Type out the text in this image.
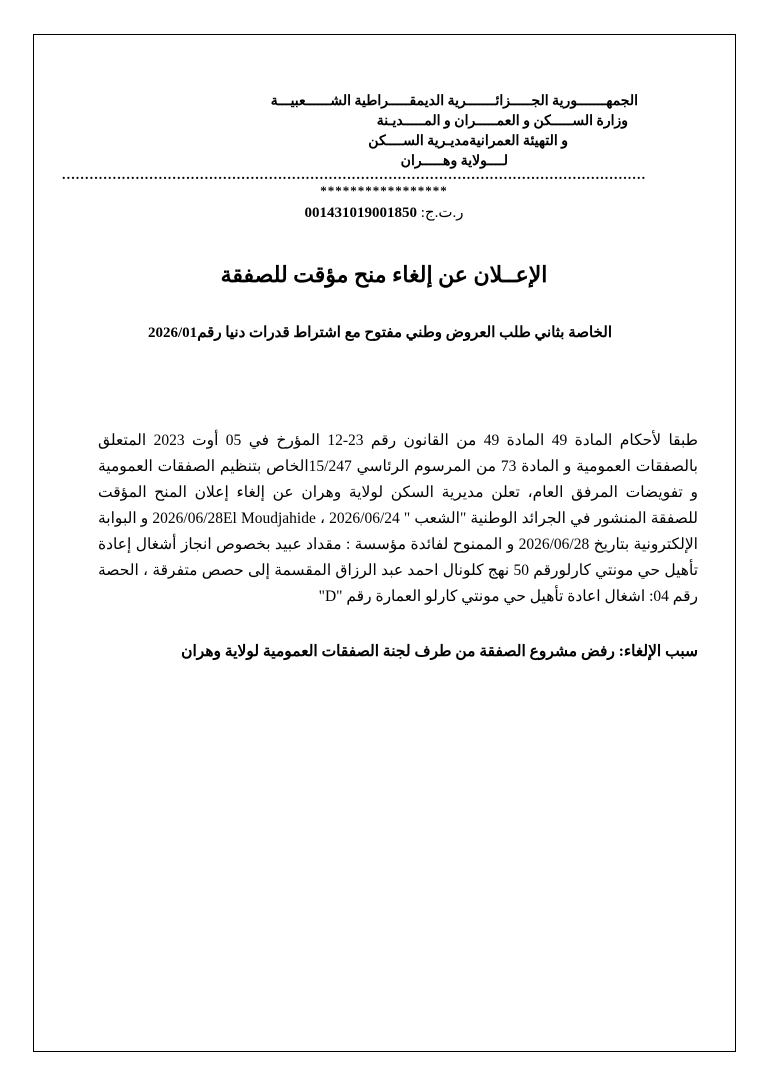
الجمهـــــــورية الجـــــزائـــــــرية الديمقـــــراطية الشــــــعبيـــة
وزارة الســـــكن و العمـــــران و المـــــديـنة
و التهيئة العمرانيةمديـرية الســــكن
لــــولاية وهـــــران
...............................................................................................................................
*****************
ر.ت.ج: 001431019001850
الإعــلان عن إلغاء منح مؤقت للصفقة
الخاصة بثاني طلب العروض وطني مفتوح مع اشتراط قدرات دنيا رقم2026/01

طبقا لأحكام المادة 49 المادة 49 من القانون رقم 23-12 المؤرخ في 05 أوت 2023 المتعلق بالصفقات العمومية و المادة 73 من المرسوم الرئاسي 15/247الخاص بتنظيم الصفقات العمومية و تفويضات المرفق العام، تعلن مديرية السكن لولاية وهران عن إلغاء إعلان المنح المؤقت للصفقة المنشور في الجرائد الوطنية "الشعب " 2026/06/24 ، 2026/06/28El Moudjahide و البوابة الإلكترونية بتاريخ 2026/06/28 و الممنوح لفائدة مؤسسة : مقداد عبيد بخصوص انجاز أشغال إعادة تأهيل حي مونتي كارلورقم 50 نهج كلونال احمد عبد الرزاق المقسمة إلى حصص متفرقة ، الحصة رقم 04: اشغال اعادة تأهيل حي مونتي كارلو العمارة رقم "D"

سبب الإلغاء: رفض مشروع الصفقة من طرف لجنة الصفقات العمومية لولاية وهران
